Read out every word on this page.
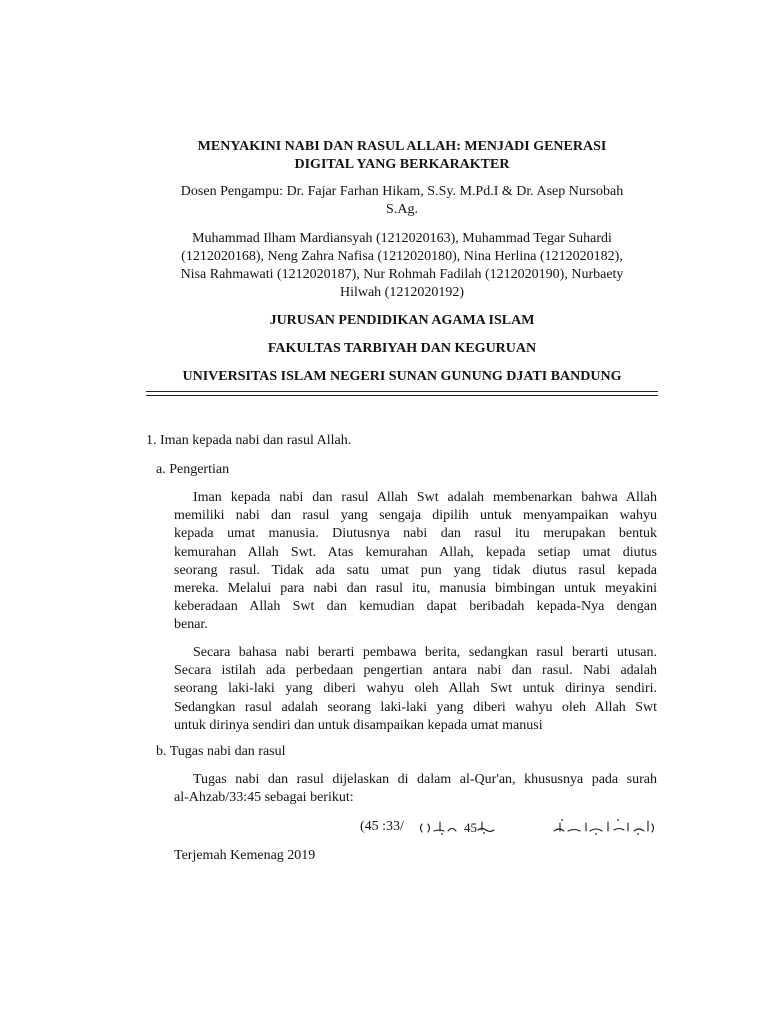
MENYAKINI NABI DAN RASUL ALLAH: MENJADI GENERASI
DIGITAL YANG BERKARAKTER
Dosen Pengampu: Dr. Fajar Farhan Hikam, S.Sy. M.Pd.I & Dr. Asep Nursobah
S.Ag.
Muhammad Ilham Mardiansyah (1212020163), Muhammad Tegar Suhardi
(1212020168), Neng Zahra Nafisa (1212020180), Nina Herlina (1212020182),
Nisa Rahmawati (1212020187), Nur Rohmah Fadilah (1212020190), Nurbaety
Hilwah (1212020192)
JURUSAN PENDIDIKAN AGAMA ISLAM
FAKULTAS TARBIYAH DAN KEGURUAN
UNIVERSITAS ISLAM NEGERI SUNAN GUNUNG DJATI BANDUNG
1. Iman kepada nabi dan rasul Allah.
a. Pengertian
Iman kepada nabi dan rasul Allah Swt adalah membenarkan bahwa Allah
memiliki nabi dan rasul yang sengaja dipilih untuk menyampaikan wahyu
kepada umat manusia. Diutusnya nabi dan rasul itu merupakan bentuk
kemurahan Allah Swt. Atas kemurahan Allah, kepada setiap umat diutus
seorang rasul. Tidak ada satu umat pun yang tidak diutus rasul kepada
mereka. Melalui para nabi dan rasul itu, manusia bimbingan untuk meyakini
keberadaan Allah Swt dan kemudian dapat beribadah kepada-Nya dengan
benar.
Secara bahasa nabi berarti pembawa berita, sedangkan rasul berarti utusan.
Secara istilah ada perbedaan pengertian antara nabi dan rasul. Nabi adalah
seorang laki-laki yang diberi wahyu oleh Allah Swt untuk dirinya sendiri.
Sedangkan rasul adalah seorang laki-laki yang diberi wahyu oleh Allah Swt
untuk dirinya sendiri dan untuk disampaikan kepada umat manusi
b. Tugas nabi dan rasul
Tugas nabi dan rasul dijelaskan di dalam al-Qur'an, khususnya pada surah
al-Ahzab/33:45 sebagai berikut:
(45 :33/	45
Terjemah Kemenag 2019
